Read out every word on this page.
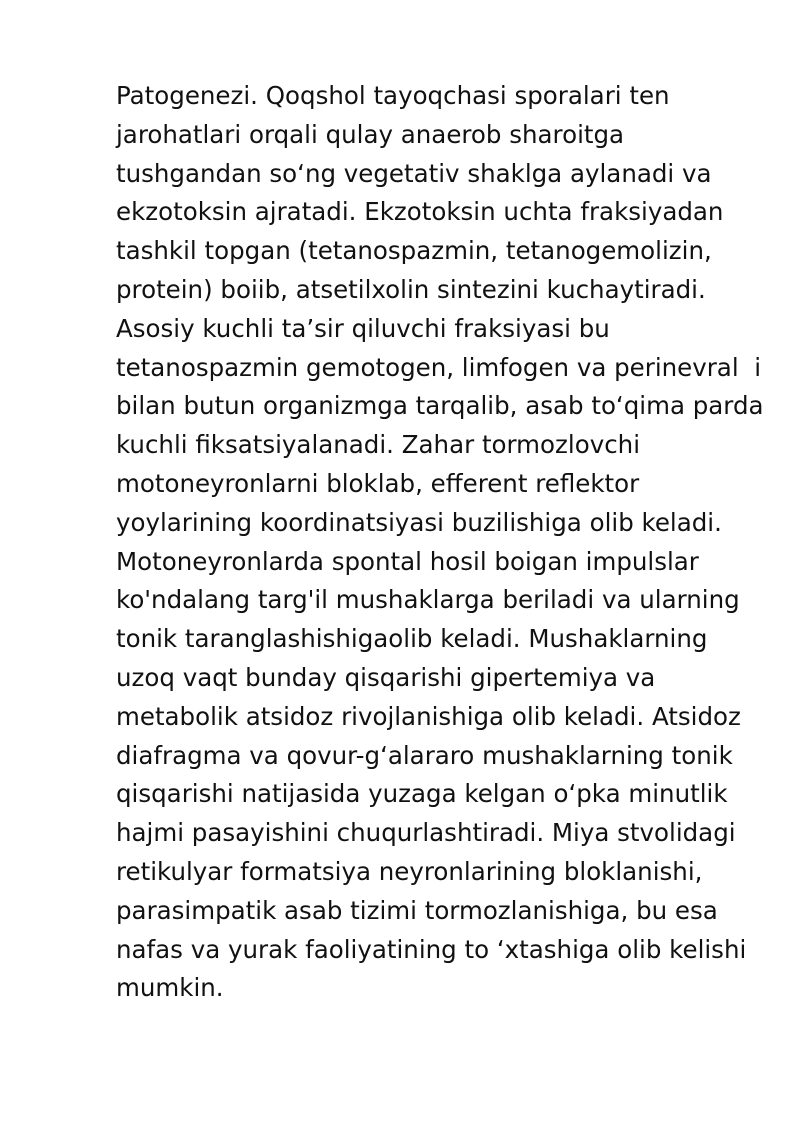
Patogenezi. Qoqshol tayoqchasi sporalari ten
jarohatlari orqali qulay anaerob sharoitga
tushgandan so‘ng vegetativ shaklga aylanadi va
ekzotoksin ajratadi. Ekzotoksin uchta fraksiyadan
tashkil topgan (tetanospazmin, tetanogemolizin,
protein) boiib, atsetilxolin sintezini kuchaytiradi.
Asosiy kuchli ta’sir qiluvchi fraksiyasi bu
tetanospazmin gemotogen, limfogen va perinevral  i
bilan butun organizmga tarqalib, asab to‘qima parda
kuchli fiksatsiyalanadi. Zahar tormozlovchi
motoneyronlarni bloklab, efferent reflektor
yoylarining koordinatsiyasi buzilishiga olib keladi.
Motoneyronlarda spontal hosil boigan impulslar
ko'ndalang targ'il mushaklarga beriladi va ularning
tonik taranglashishigaolib keladi. Mushaklarning
uzoq vaqt bunday qisqarishi gipertemiya va
metabolik atsidoz rivojlanishiga olib keladi. Atsidoz
diafragma va qovur-g‘alararo mushaklarning tonik
qisqarishi natijasida yuzaga kelgan o‘pka minutlik
hajmi pasayishini chuqurlashtiradi. Miya stvolidagi
retikulyar formatsiya neyronlarining bloklanishi,
parasimpatik asab tizimi tormozlanishiga, bu esa
nafas va yurak faoliyatining to ‘xtashiga olib kelishi
mumkin.
